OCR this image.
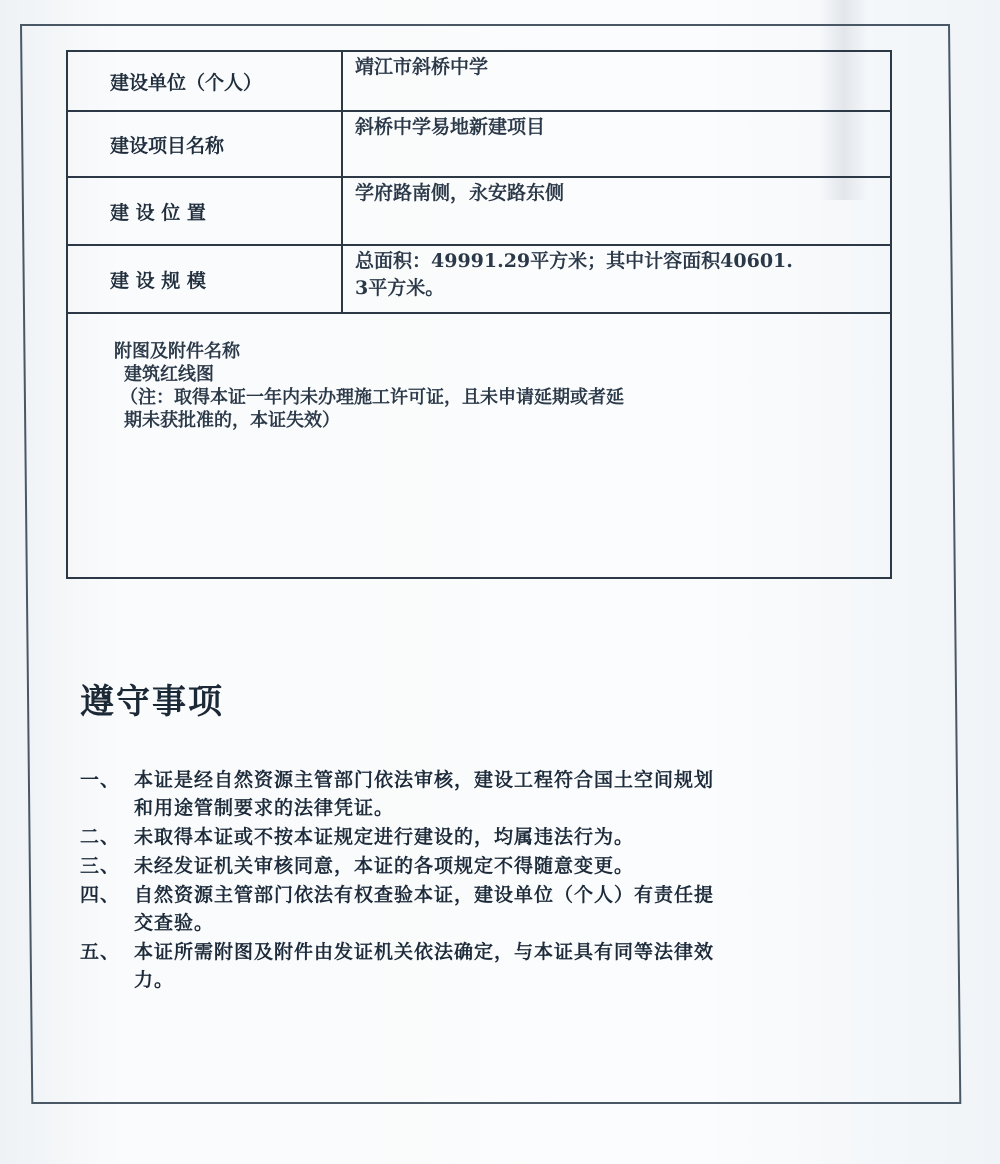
建设单位（个人）	靖江市斜桥中学
建设项目名称	斜桥中学易地新建项目
建 设 位 置	学府路南侧，永安路东侧
建 设 规 模	总面积：49991.29平方米；其中计容面积40601.
3平方米。

附图及附件名称
建筑红线图
（注：取得本证一年内未办理施工许可证，且未申请延期或者延
期未获批准的，本证失效）	
遵守事项
一、 本证是经自然资源主管部门依法审核，建设工程符合国土空间规划
和用途管制要求的法律凭证。
二、 未取得本证或不按本证规定进行建设的，均属违法行为。
三、 未经发证机关审核同意，本证的各项规定不得随意变更。
四、 自然资源主管部门依法有权查验本证，建设单位（个人）有责任提
交查验。
五、 本证所需附图及附件由发证机关依法确定，与本证具有同等法律效
力。
